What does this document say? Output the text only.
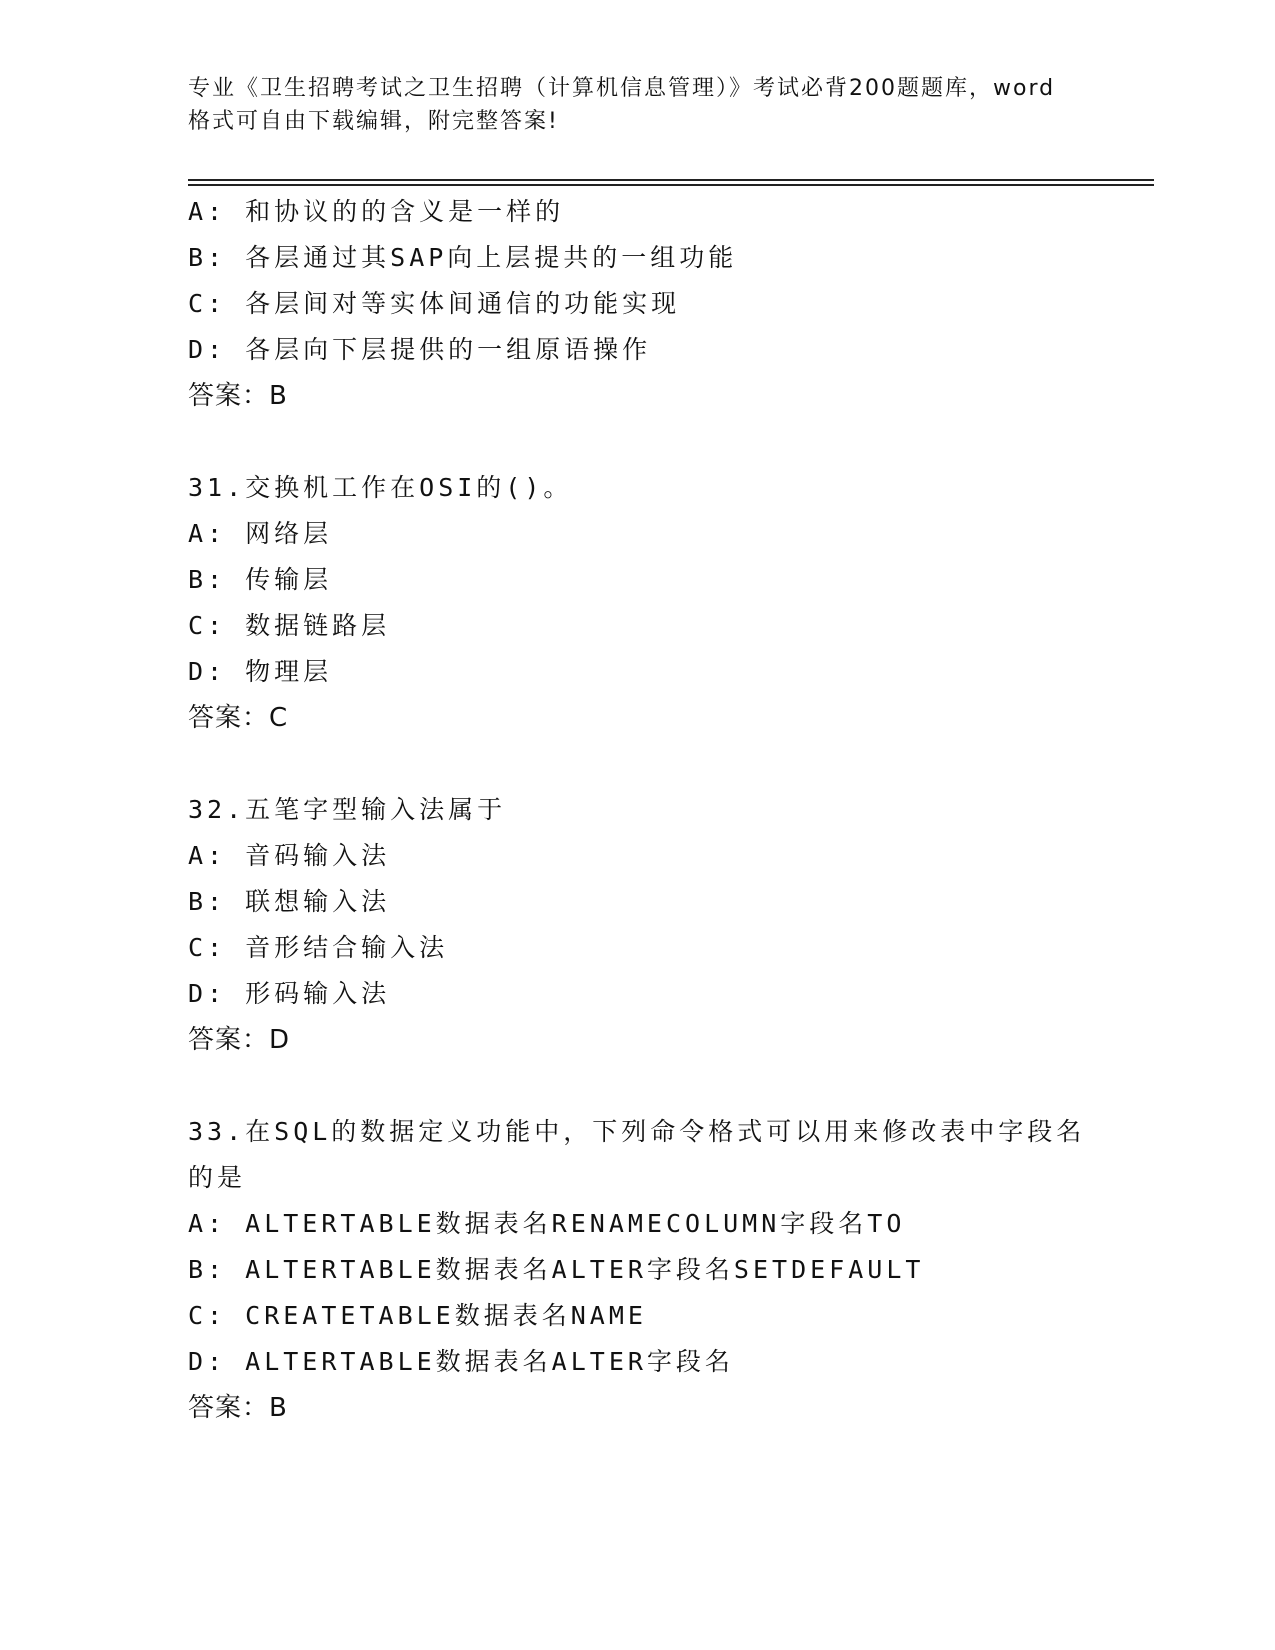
专业《卫生招聘考试之卫生招聘（计算机信息管理）》考试必背200题题库，word
格式可自由下载编辑，附完整答案!
A: 和协议的的含义是一样的
B: 各层通过其SAP向上层提共的一组功能
C: 各层间对等实体间通信的功能实现
D: 各层向下层提供的一组原语操作
答案：B
31.交换机工作在OSI的()。
A: 网络层
B: 传输层
C: 数据链路层
D: 物理层
答案：C
32.五笔字型输入法属于
A: 音码输入法
B: 联想输入法
C: 音形结合输入法
D: 形码输入法
答案：D
33.在SQL的数据定义功能中，下列命令格式可以用来修改表中字段名
的是
A: ALTERTABLE数据表名RENAMECOLUMN字段名TO
B: ALTERTABLE数据表名ALTER字段名SETDEFAULT
C: CREATETABLE数据表名NAME
D: ALTERTABLE数据表名ALTER字段名
答案：B
